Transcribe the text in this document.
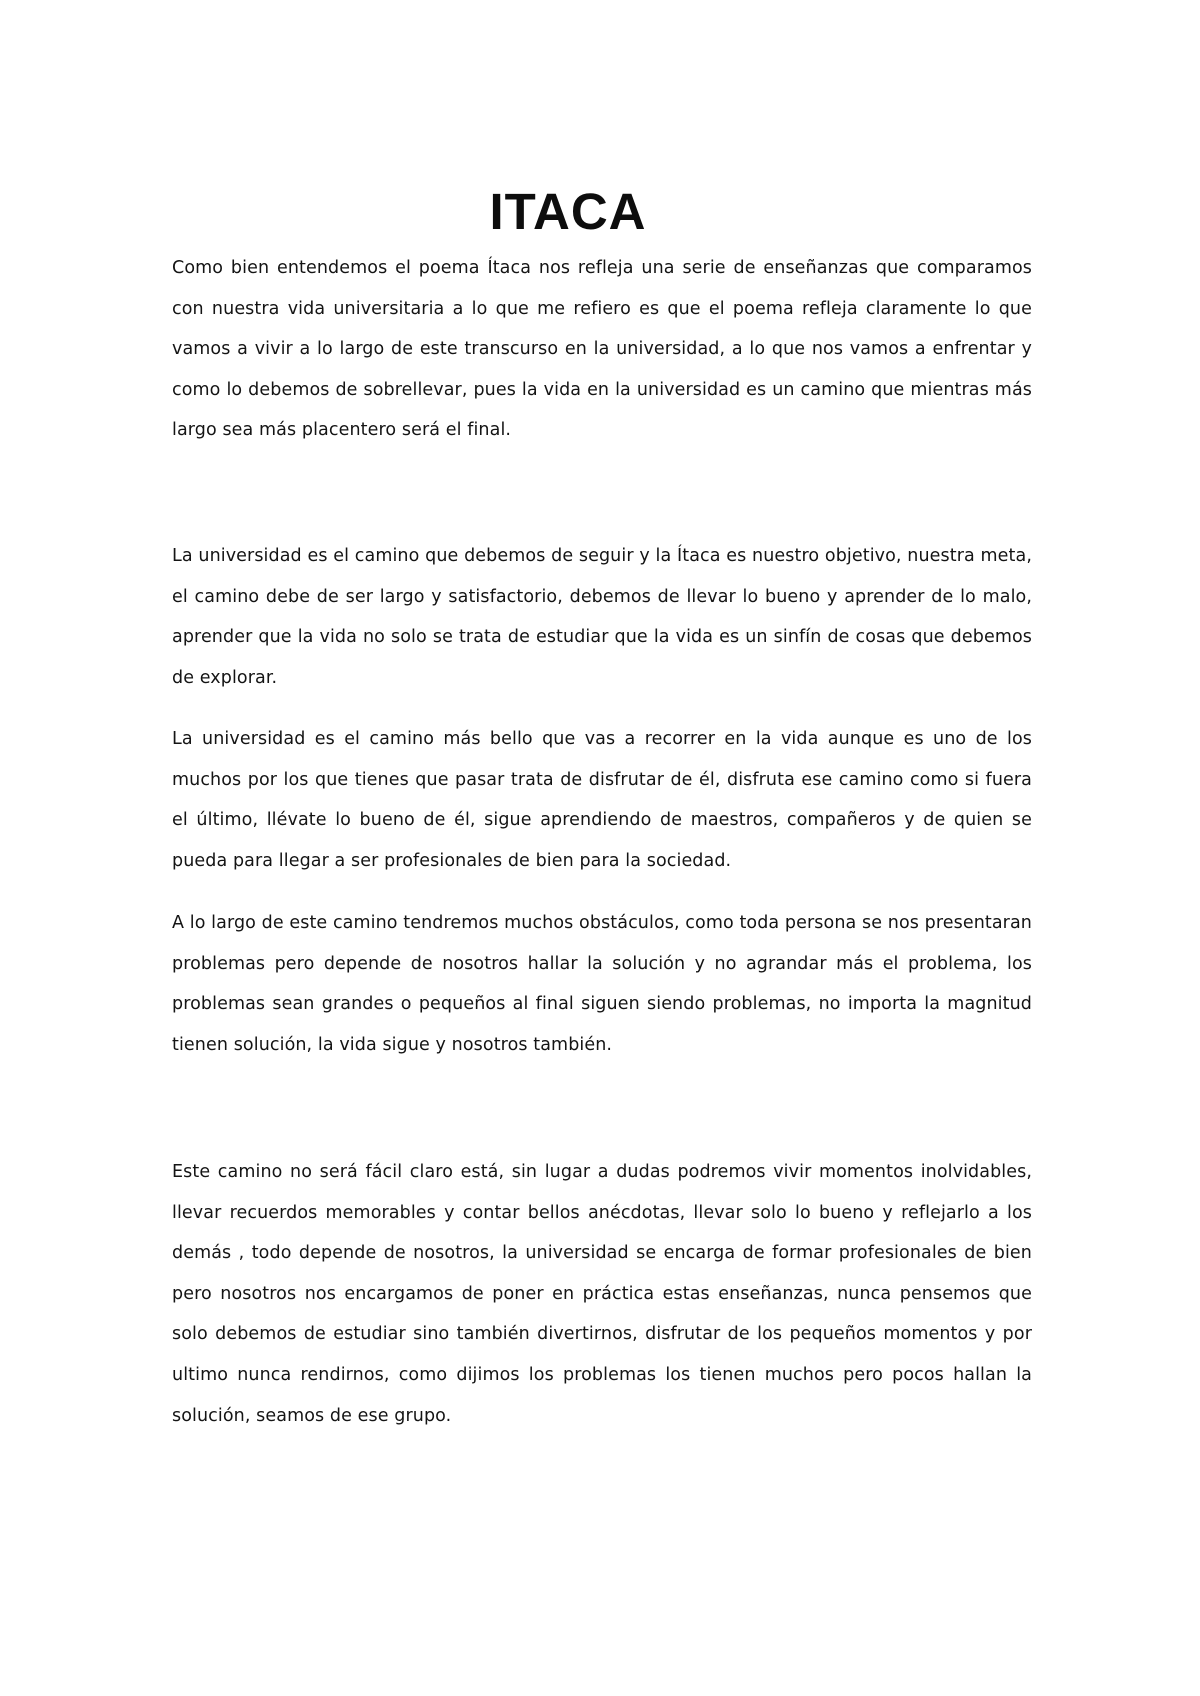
ITACA

Como bien entendemos el poema Ítaca nos refleja una serie de enseñanzas que comparamos con nuestra vida universitaria a lo que me refiero es que el poema refleja claramente lo que vamos a vivir a lo largo de este transcurso en la universidad, a lo que nos vamos a enfrentar y como lo debemos de sobrellevar, pues la vida en la universidad es un camino que mientras más largo sea más placentero será el final.

La universidad es el camino que debemos de seguir y la Ítaca es nuestro objetivo, nuestra meta, el camino debe de ser largo y satisfactorio, debemos de llevar lo bueno y aprender de lo malo, aprender que la vida no solo se trata de estudiar que la vida es un sinfín de cosas que debemos de explorar.

La universidad es el camino más bello que vas a recorrer en la vida aunque es uno de los muchos por los que tienes que pasar trata de disfrutar de él, disfruta ese camino como si fuera el último, llévate lo bueno de él, sigue aprendiendo de maestros, compañeros y de quien se pueda para llegar a ser profesionales de bien para la sociedad.

A lo largo de este camino tendremos muchos obstáculos, como toda persona se nos presentaran problemas pero depende de nosotros hallar la solución y no agrandar más el problema, los problemas sean grandes o pequeños al final siguen siendo problemas, no importa la magnitud tienen solución, la vida sigue y nosotros también.

Este camino no será fácil claro está, sin lugar a dudas podremos vivir momentos inolvidables, llevar recuerdos memorables y contar bellos anécdotas, llevar solo lo bueno y reflejarlo a los demás , todo depende de nosotros, la universidad se encarga de formar profesionales de bien pero nosotros nos encargamos de poner en práctica estas enseñanzas, nunca pensemos que solo debemos de estudiar sino también divertirnos, disfrutar de los pequeños momentos y por ultimo nunca rendirnos, como dijimos los problemas los tienen muchos pero pocos hallan la solución, seamos de ese grupo.
